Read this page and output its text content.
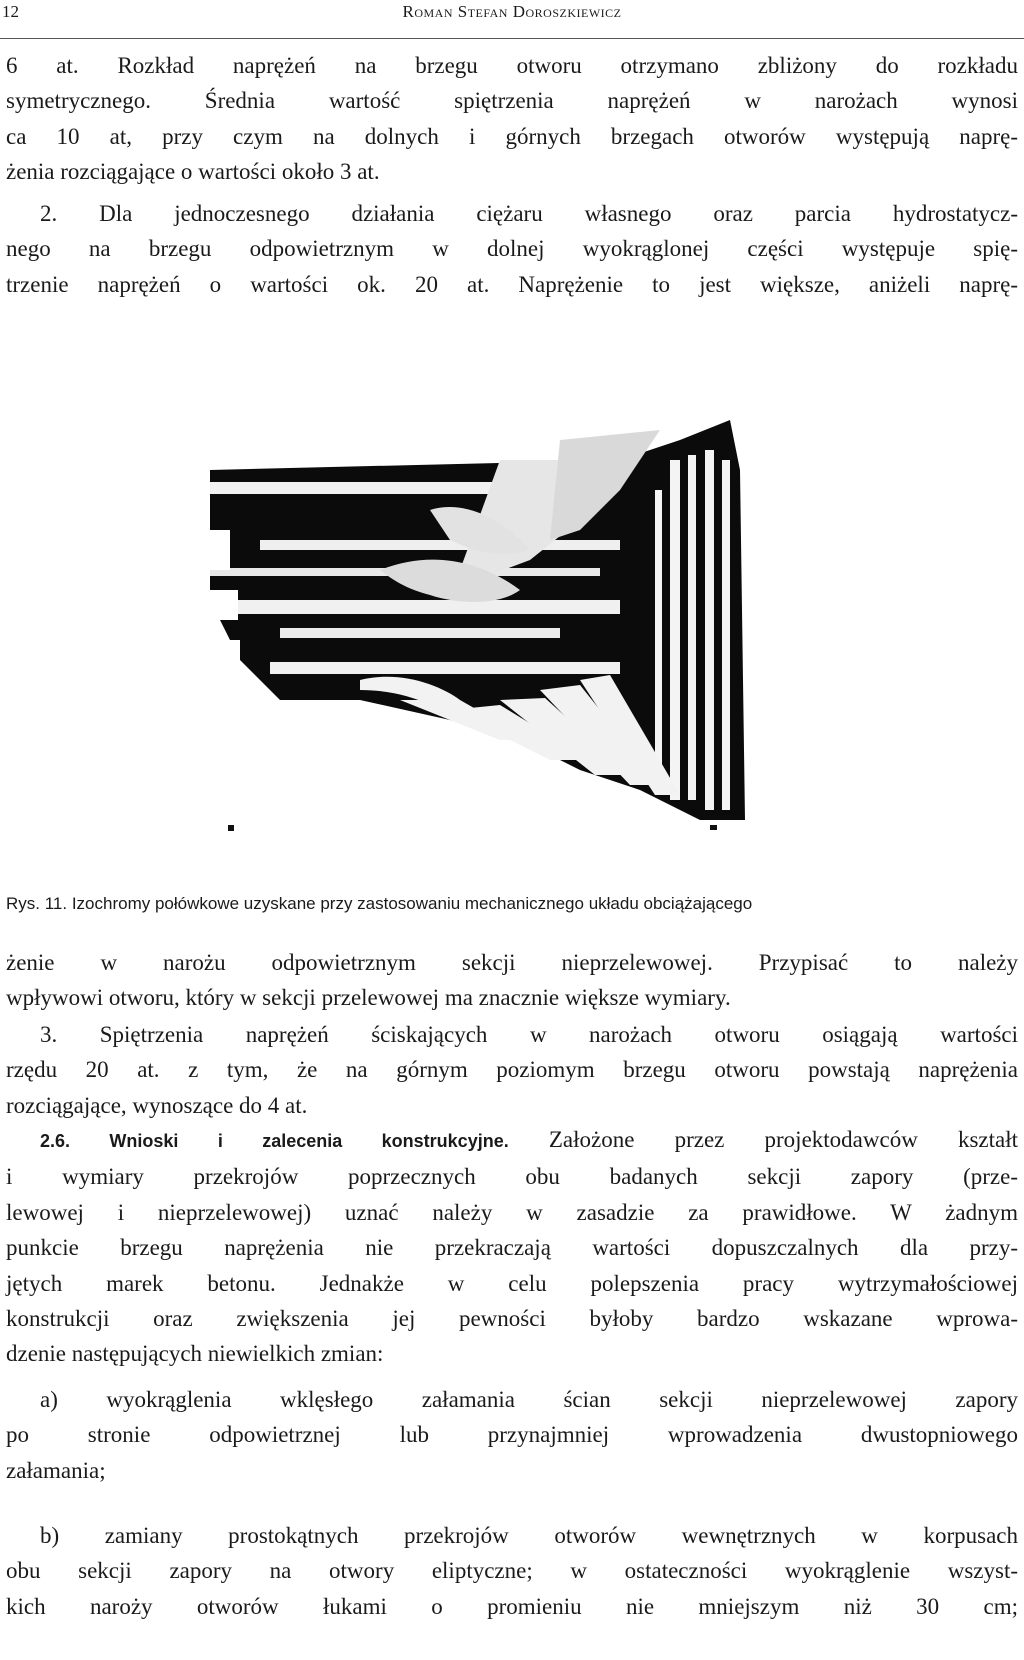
12	Roman Stefan Doroszkiewicz
6 at. Rozkład naprężeń na brzegu otworu otrzymano zbliżony do rozkładu
symetrycznego. Średnia wartość spiętrzenia naprężeń w narożach wynosi
ca 10 at, przy czym na dolnych i górnych brzegach otworów występują naprę-
żenia rozciągające o wartości około 3 at.
2. Dla jednoczesnego działania ciężaru własnego oraz parcia hydrostatycz-
nego na brzegu odpowietrznym w dolnej wyokrąglonej części występuje spię-
trzenie naprężeń o wartości ok. 20 at. Naprężenie to jest większe, aniżeli naprę-
Rys. 11. Izochromy połówkowe uzyskane przy zastosowaniu mechanicznego układu obciążającego
żenie w narożu odpowietrznym sekcji nieprzelewowej. Przypisać to należy
wpływowi otworu, który w sekcji przelewowej ma znacznie większe wymiary.
3. Spiętrzenia naprężeń ściskających w narożach otworu osiągają wartości
rzędu 20 at. z tym, że na górnym poziomym brzegu otworu powstają naprężenia
rozciągające, wynoszące do 4 at.
2.6. Wnioski i zalecenia konstrukcyjne. Założone przez projektodawców kształt
i wymiary przekrojów poprzecznych obu badanych sekcji zapory (prze-
lewowej i nieprzelewowej) uznać należy w zasadzie za prawidłowe. W żadnym
punkcie brzegu naprężenia nie przekraczają wartości dopuszczalnych dla przy-
jętych marek betonu. Jednakże w celu polepszenia pracy wytrzymałościowej
konstrukcji oraz zwiększenia jej pewności byłoby bardzo wskazane wprowa-
dzenie następujących niewielkich zmian:
a) wyokrąglenia wklęsłego załamania ścian sekcji nieprzelewowej zapory
po stronie odpowietrznej lub przynajmniej wprowadzenia dwustopniowego
załamania;
b) zamiany prostokątnych przekrojów otworów wewnętrznych w korpusach
obu sekcji zapory na otwory eliptyczne; w ostateczności wyokrąglenie wszyst-
kich naroży otworów łukami o promieniu nie mniejszym niż 30 cm;
